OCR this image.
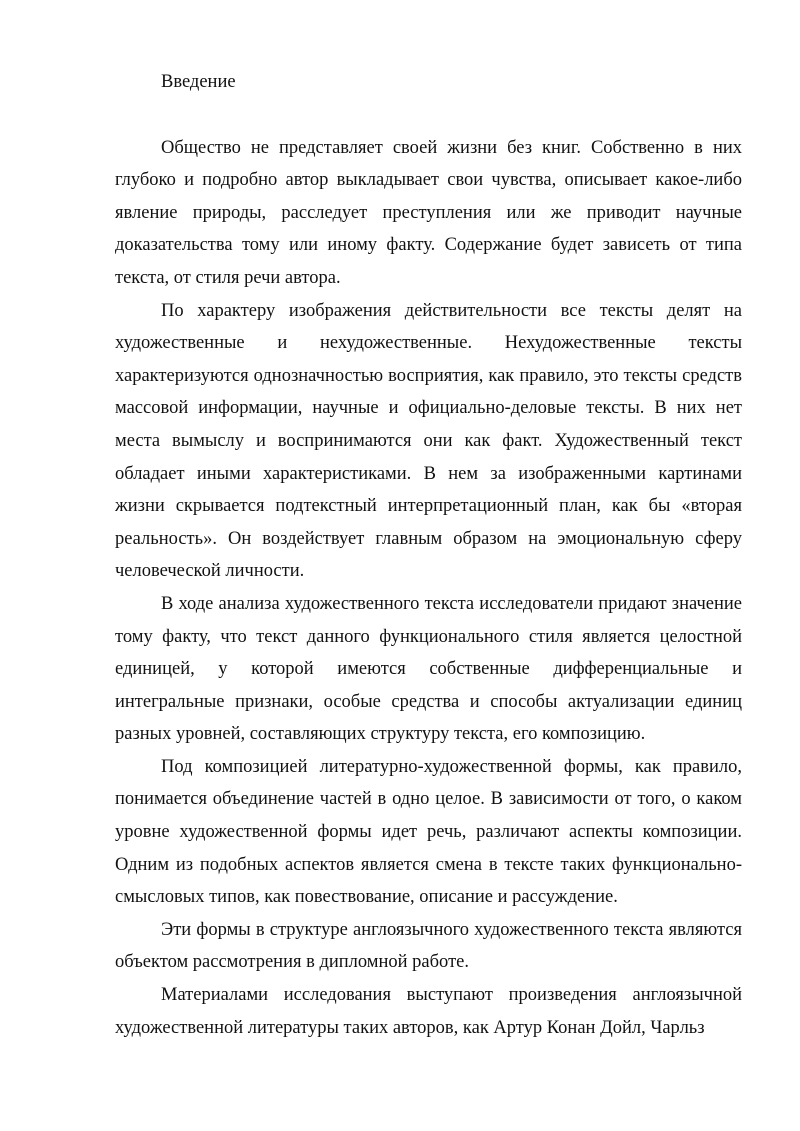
Введение

Общество не представляет своей жизни без книг. Собственно в них глубоко и подробно автор выкладывает свои чувства, описывает какое-либо явление природы, расследует преступления или же приводит научные доказательства тому или иному факту. Содержание будет зависеть от типа текста, от стиля речи автора.

По характеру изображения действительности все тексты делят на художественные и нехудожественные. Нехудожественные тексты характеризуются однозначностью восприятия, как правило, это тексты средств массовой информации, научные и официально-деловые тексты. В них нет места вымыслу и воспринимаются они как факт. Художественный текст обладает иными характеристиками. В нем за изображенными картинами жизни скрывается подтекстный интерпретационный план, как бы «вторая реальность». Он воздействует главным образом на эмоциональную сферу человеческой личности.

В ходе анализа художественного текста исследователи придают значение тому факту, что текст данного функционального стиля является целостной единицей, у которой имеются собственные дифференциальные и интегральные признаки, особые средства и способы актуализации единиц разных уровней, составляющих структуру текста, его композицию.

Под композицией литературно-художественной формы, как правило, понимается объединение частей в одно целое. В зависимости от того, о каком уровне художественной формы идет речь, различают аспекты композиции. Одним из подобных аспектов является смена в тексте таких функционально-смысловых типов, как повествование, описание и рассуждение.

Эти формы в структуре англоязычного художественного текста являются объектом рассмотрения в дипломной работе.

Материалами исследования выступают произведения англоязычной художественной литературы таких авторов, как Артур Конан Дойл, Чарльз
